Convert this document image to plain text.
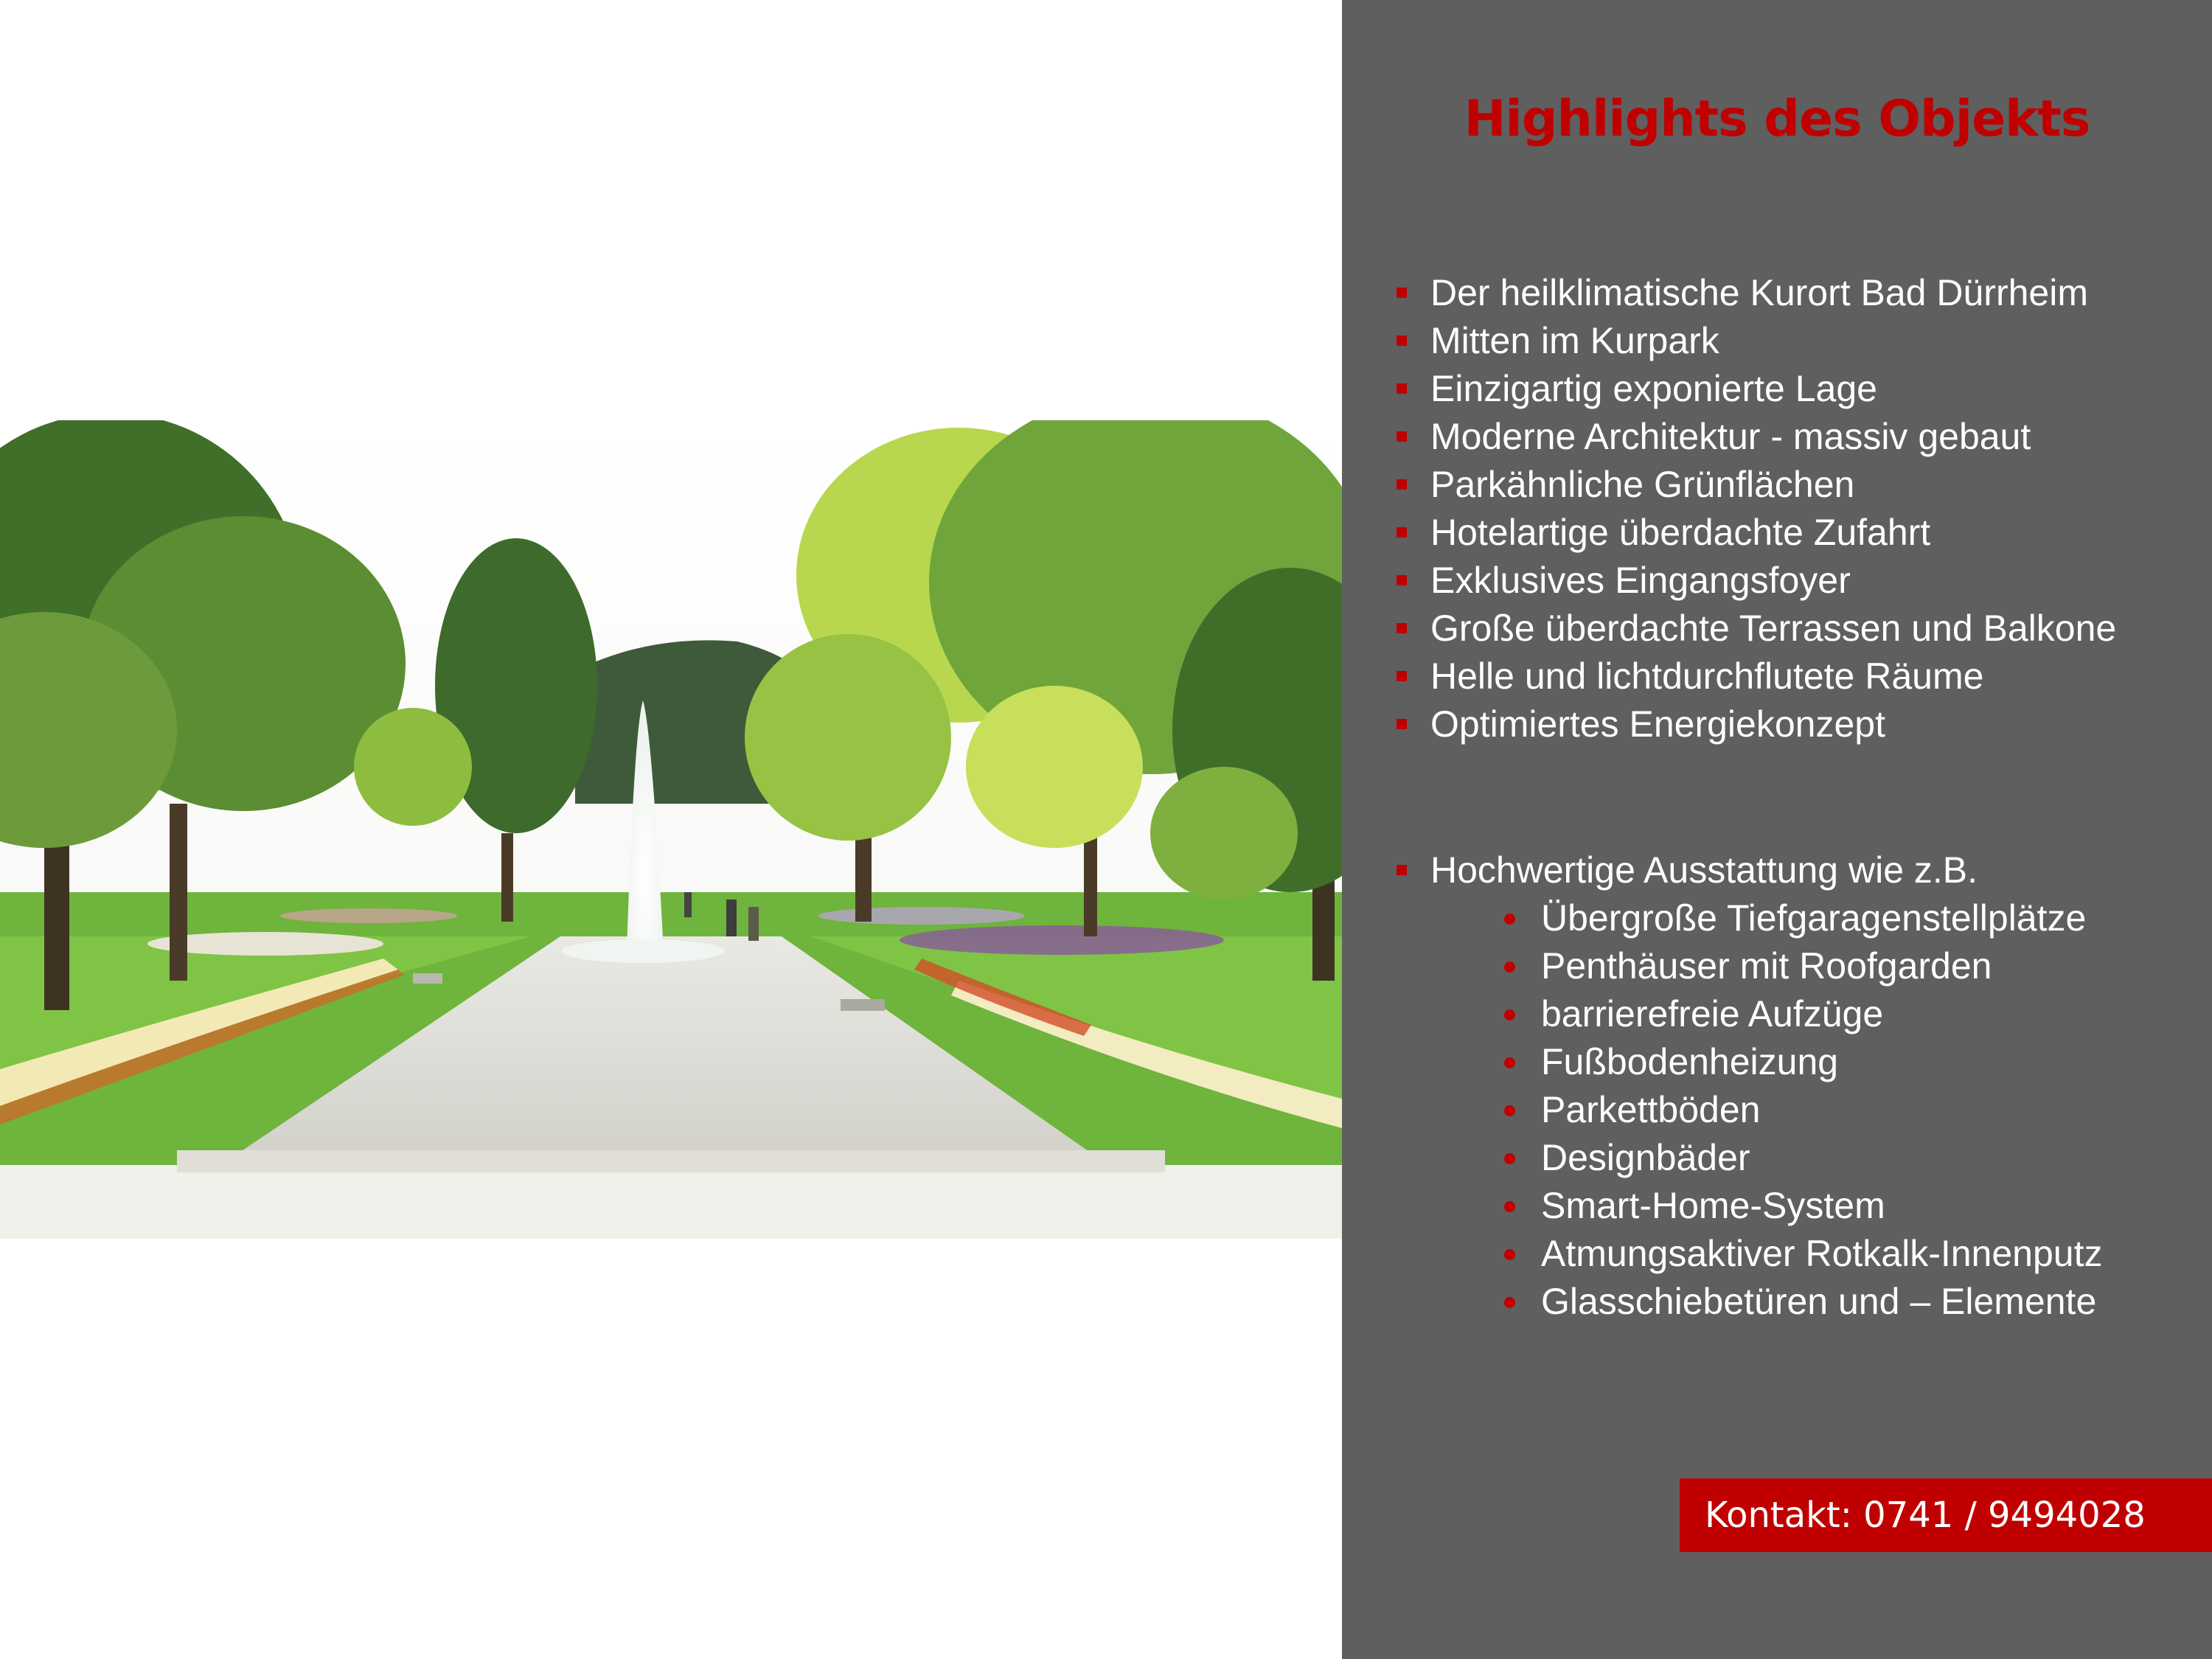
Highlights des Objekts
Der heilklimatische Kurort Bad Dürrheim
Mitten im Kurpark
Einzigartig exponierte Lage
Moderne Architektur - massiv gebaut
Parkähnliche Grünflächen
Hotelartige überdachte Zufahrt
Exklusives Eingangsfoyer
Große überdachte Terrassen und Balkone
Helle und lichtdurchflutete Räume
Optimiertes Energiekonzept
Hochwertige Ausstattung wie z.B.
Übergroße Tiefgaragenstellplätze
Penthäuser mit Roofgarden
barrierefreie Aufzüge
Fußbodenheizung
Parkettböden
Designbäder
Smart-Home-System
Atmungsaktiver Rotkalk-Innenputz
Glasschiebetüren und – Elemente
Kontakt: 0741 / 9494028
